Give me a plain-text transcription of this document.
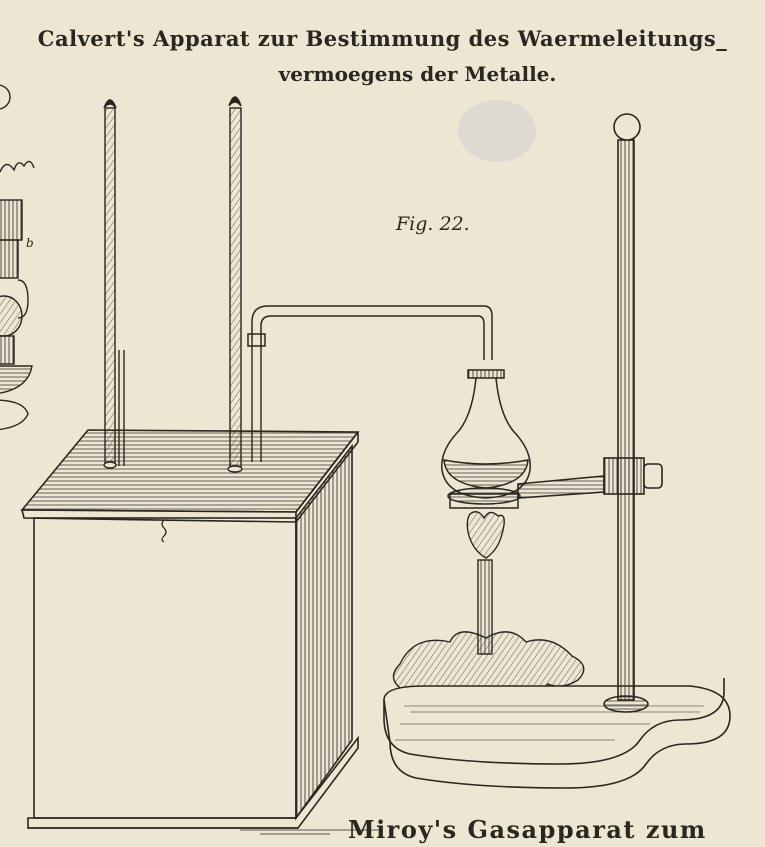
Calvert's Apparat zur Bestimmung des Waermeleitungs_
vermoegens der Metalle.
Fig. 22.
b
Miroy's Gasapparat zum
